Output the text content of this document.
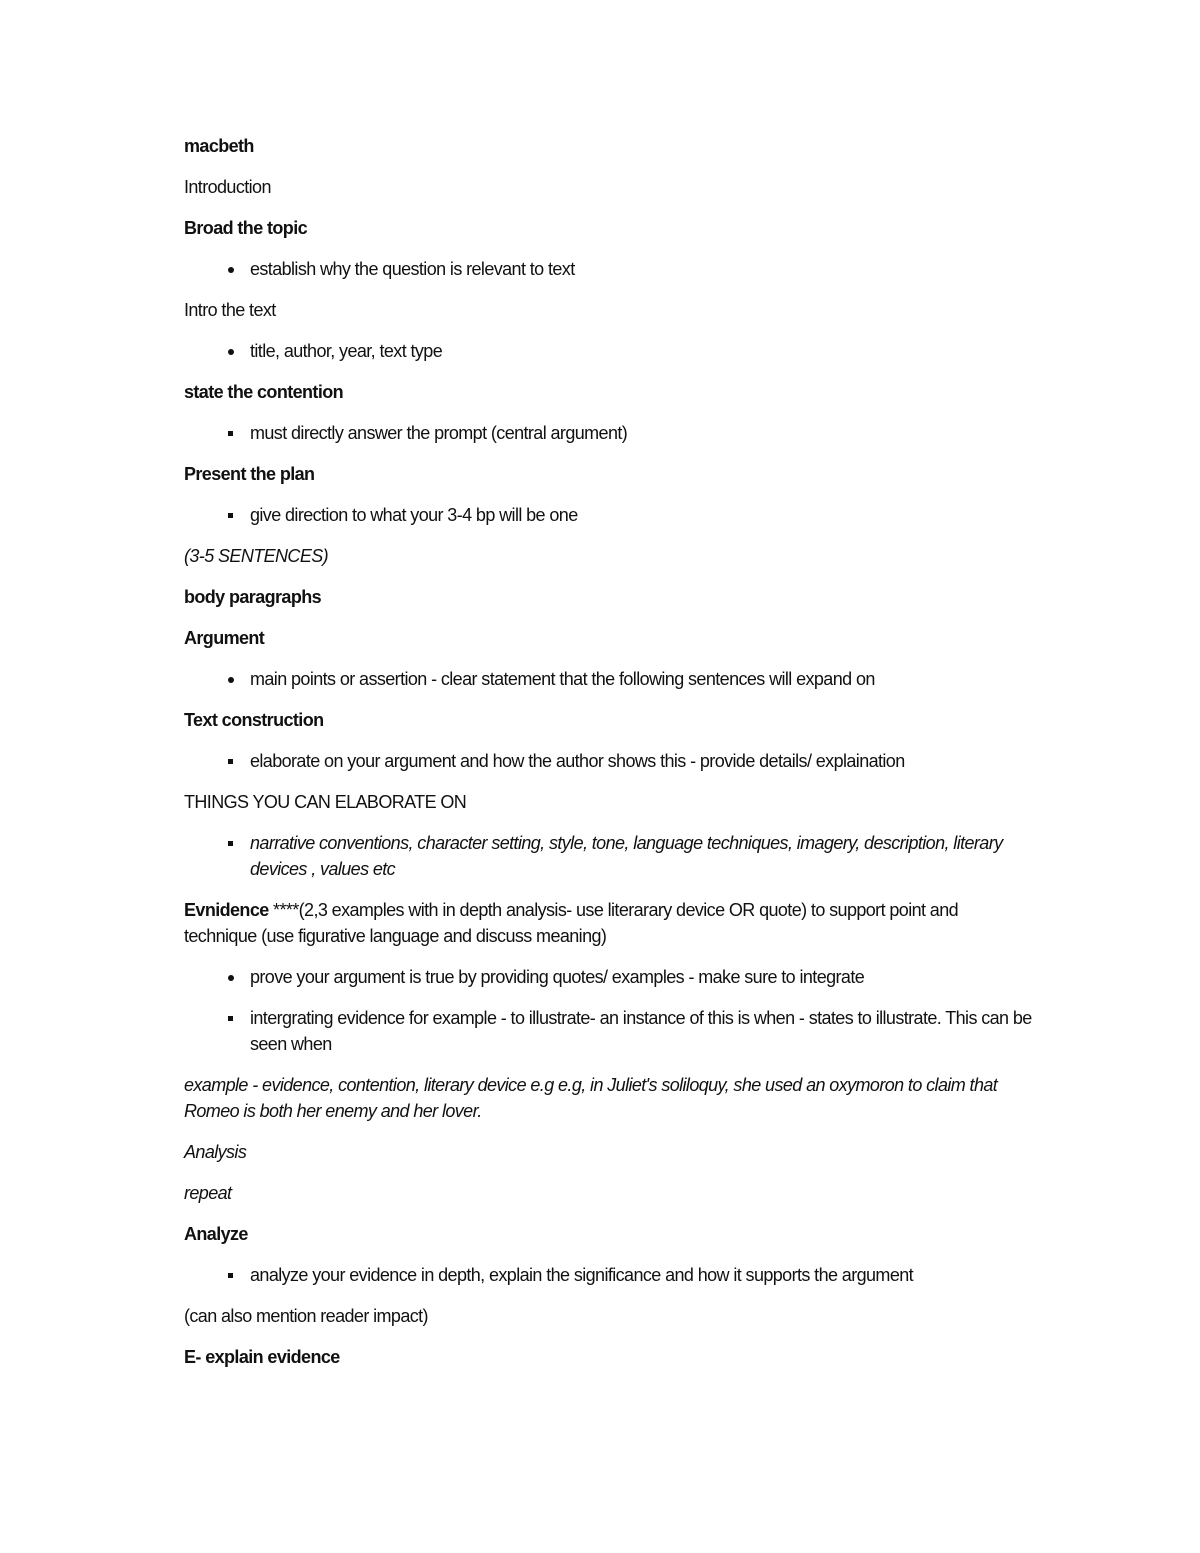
macbeth

Introduction

Broad the topic

establish why the question is relevant to text

Intro the text

title, author, year, text type

state the contention

must directly answer the prompt (central argument)

Present the plan

give direction to what your 3-4 bp will be one

(3-5 SENTENCES)

body paragraphs

Argument

main points or assertion - clear statement that the following sentences will expand on

Text construction

elaborate on your argument and how the author shows this - provide details/ explaination

THINGS YOU CAN ELABORATE ON

narrative conventions, character setting, style, tone, language techniques, imagery, description, literary devices , values etc

Evnidence ****(2,3 examples with in depth analysis- use literarary device OR quote) to support point and technique (use figurative language and discuss meaning)

prove your argument is true by providing quotes/ examples - make sure to integrate
intergrating evidence for example - to illustrate- an instance of this is when - states to illustrate. This can be seen when

example - evidence, contention, literary device e.g e.g, in Juliet's soliloquy, she used an oxymoron to claim that Romeo is both her enemy and her lover.

Analysis

repeat

Analyze

analyze your evidence in depth, explain the significance and how it supports the argument

(can also mention reader impact)

E- explain evidence
